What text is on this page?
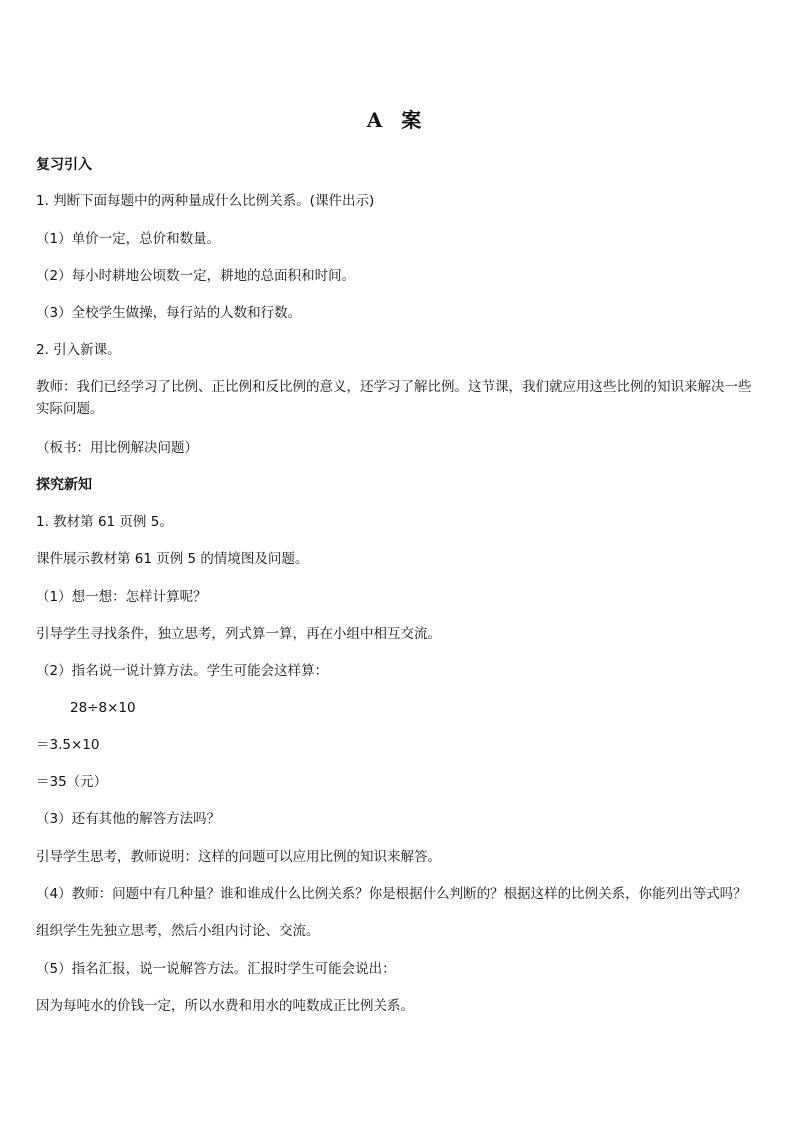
A 案
复习引入
1. 判断下面每题中的两种量成什么比例关系。(课件出示)
（1）单价一定，总价和数量。
（2）每小时耕地公顷数一定，耕地的总面积和时间。
（3）全校学生做操，每行站的人数和行数。
2. 引入新课。
教师：我们已经学习了比例、正比例和反比例的意义，还学习了解比例。这节课，我们就应用这些比例的知识来解决一些实际问题。
（板书：用比例解决问题）
探究新知
1. 教材第 61 页例 5。
课件展示教材第 61 页例 5 的情境图及问题。
（1）想一想：怎样计算呢？
引导学生寻找条件，独立思考，列式算一算，再在小组中相互交流。
（2）指名说一说计算方法。学生可能会这样算：
28÷8×10
＝3.5×10
＝35（元）
（3）还有其他的解答方法吗？
引导学生思考，教师说明：这样的问题可以应用比例的知识来解答。
（4）教师：问题中有几种量？谁和谁成什么比例关系？你是根据什么判断的？根据这样的比例关系，你能列出等式吗？
组织学生先独立思考，然后小组内讨论、交流。
（5）指名汇报，说一说解答方法。汇报时学生可能会说出：
因为每吨水的价钱一定，所以水费和用水的吨数成正比例关系。
